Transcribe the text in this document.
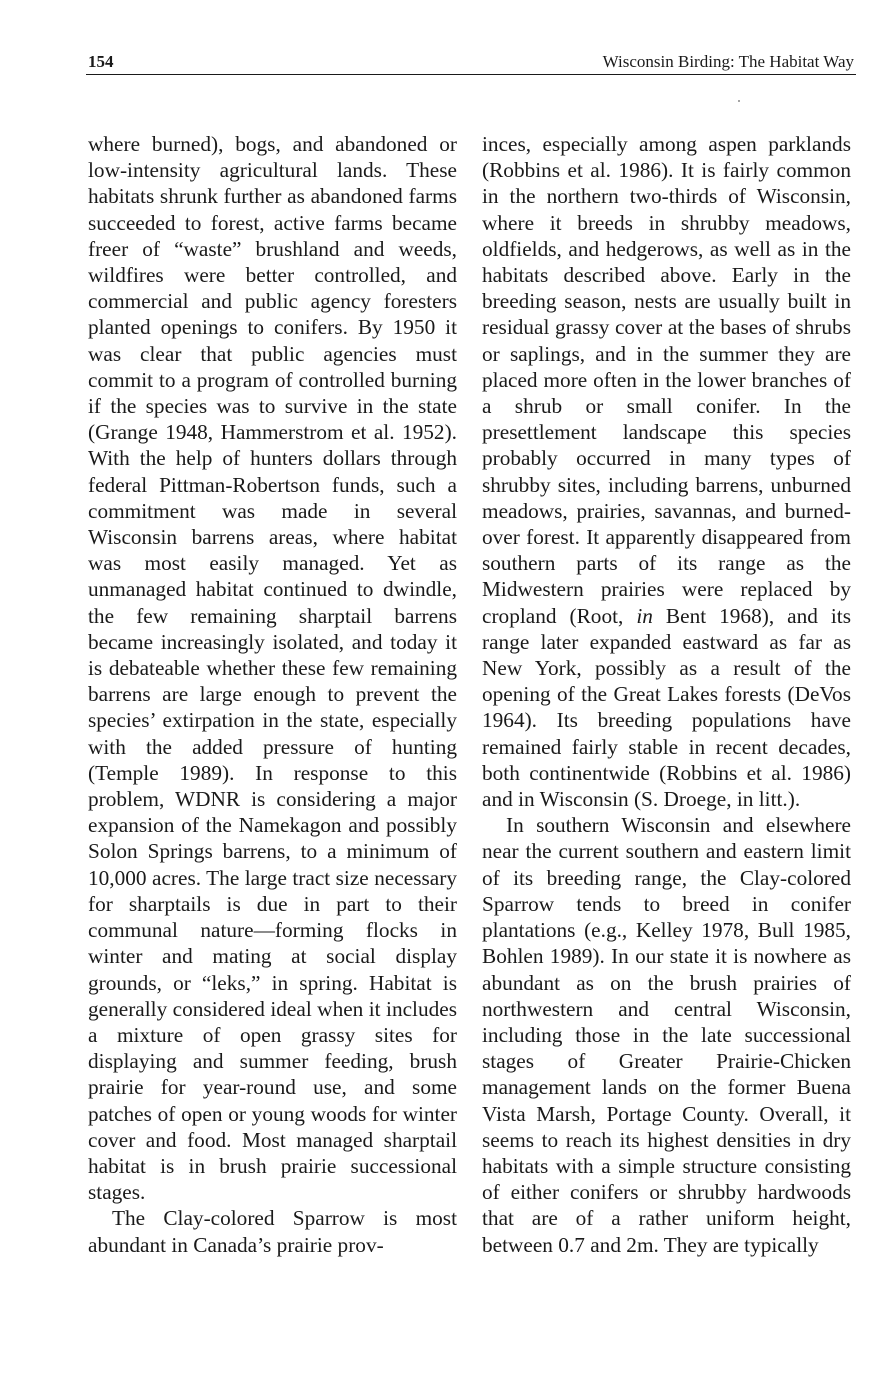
154	Wisconsin Birding: The Habitat Way

where burned), bogs, and abandoned or low-intensity agricultural lands. These habitats shrunk further as abandoned farms succeeded to forest, active farms became freer of “waste” brushland and weeds, wildfires were better controlled, and commercial and public agency foresters planted openings to conifers. By 1950 it was clear that public agencies must commit to a program of controlled burning if the species was to survive in the state (Grange 1948, Hammerstrom et al. 1952). With the help of hunters dollars through federal Pittman-Robertson funds, such a commitment was made in several Wisconsin barrens areas, where habitat was most easily managed. Yet as unmanaged habitat continued to dwindle, the few remaining sharptail barrens became increasingly isolated, and today it is debateable whether these few remaining barrens are large enough to prevent the species’ extirpation in the state, especially with the added pressure of hunting (Temple 1989). In response to this problem, WDNR is considering a major expansion of the Namekagon and possibly Solon Springs barrens, to a minimum of 10,000 acres. The large tract size necessary for sharptails is due in part to their communal nature—forming flocks in winter and mating at social display grounds, or “leks,” in spring. Habitat is generally considered ideal when it includes a mixture of open grassy sites for displaying and summer feeding, brush prairie for year-round use, and some patches of open or young woods for winter cover and food. Most managed sharptail habitat is in brush prairie successional stages.

The Clay-colored Sparrow is most abundant in Canada’s prairie prov-

inces, especially among aspen parklands (Robbins et al. 1986). It is fairly common in the northern two-thirds of Wisconsin, where it breeds in shrubby meadows, oldfields, and hedgerows, as well as in the habitats described above. Early in the breeding season, nests are usually built in residual grassy cover at the bases of shrubs or saplings, and in the summer they are placed more often in the lower branches of a shrub or small conifer. In the presettlement landscape this species probably occurred in many types of shrubby sites, including barrens, unburned meadows, prairies, savannas, and burned-over forest. It apparently disappeared from southern parts of its range as the Midwestern prairies were replaced by cropland (Root, in Bent 1968), and its range later expanded eastward as far as New York, possibly as a result of the opening of the Great Lakes forests (DeVos 1964). Its breeding populations have remained fairly stable in recent decades, both continentwide (Robbins et al. 1986) and in Wisconsin (S. Droege, in litt.).

In southern Wisconsin and elsewhere near the current southern and eastern limit of its breeding range, the Clay-colored Sparrow tends to breed in conifer plantations (e.g., Kelley 1978, Bull 1985, Bohlen 1989). In our state it is nowhere as abundant as on the brush prairies of northwestern and central Wisconsin, including those in the late successional stages of Greater Prairie-Chicken management lands on the former Buena Vista Marsh, Portage County. Overall, it seems to reach its highest densities in dry habitats with a simple structure consisting of either conifers or shrubby hardwoods that are of a rather uniform height, between 0.7 and 2m. They are typically
